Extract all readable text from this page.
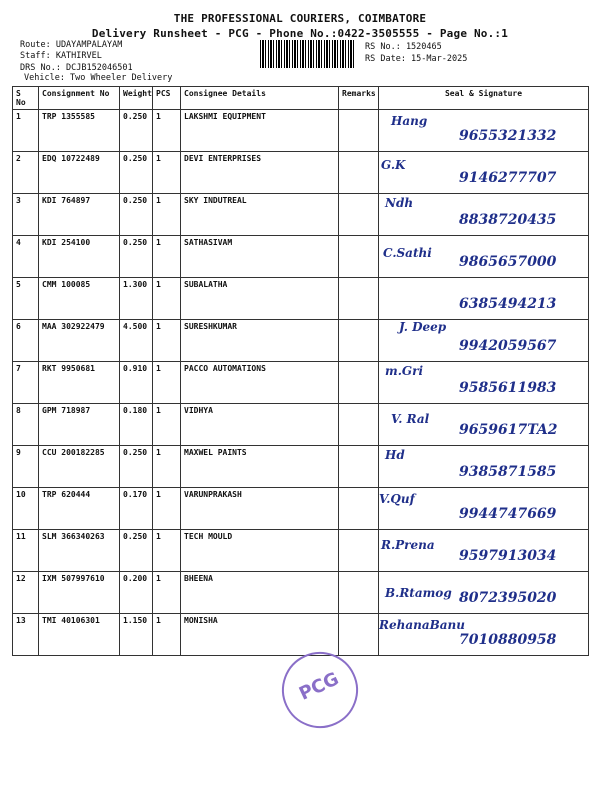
THE PROFESSIONAL COURIERS, COIMBATORE
Delivery Runsheet - PCG - Phone No.:0422-3505555 - Page No.:1
Route: UDAYAMPALAYAM
Staff: KATHIRVEL
DRS No.: DCJB152046501
Vehicle: Two Wheeler Delivery
RS No.: 1520465
RS Date: 15-Mar-2025
S No	Consignment No	Weight	PCS	Consignee Details	Remarks	Seal & Signature
1	TRP 1355585	0.250	1	LAKSHMI EQUIPMENT		Hang
9655321332

2	EDQ 10722489	0.250	1	DEVI ENTERPRISES		G.K
9146277707

3	KDI 764897	0.250	1	SKY INDUTREAL		Ndh
8838720435

4	KDI 254100	0.250	1	SATHASIVAM		C.Sathi
9865657000

5	CMM 100085	1.300	1	SUBALATHA		6385494213

6	MAA 302922479	4.500	1	SURESHKUMAR		J. Deep
9942059567

7	RKT 9950681	0.910	1	PACCO AUTOMATIONS		m.Gri
9585611983

8	GPM 718987	0.180	1	VIDHYA		V. Ral
9659617TA2

9	CCU 200182285	0.250	1	MAXWEL PAINTS		Hd
9385871585

10	TRP 620444	0.170	1	VARUNPRAKASH		V.Quf
9944747669

11	SLM 366340263	0.250	1	TECH MOULD		R.Prena
9597913034

12	IXM 507997610	0.200	1	BHEENA		B.Rtamog 8072395020

13	TMI 40106301	1.150	1	MONISHA		RehanaBanu
7010880958
PCG
